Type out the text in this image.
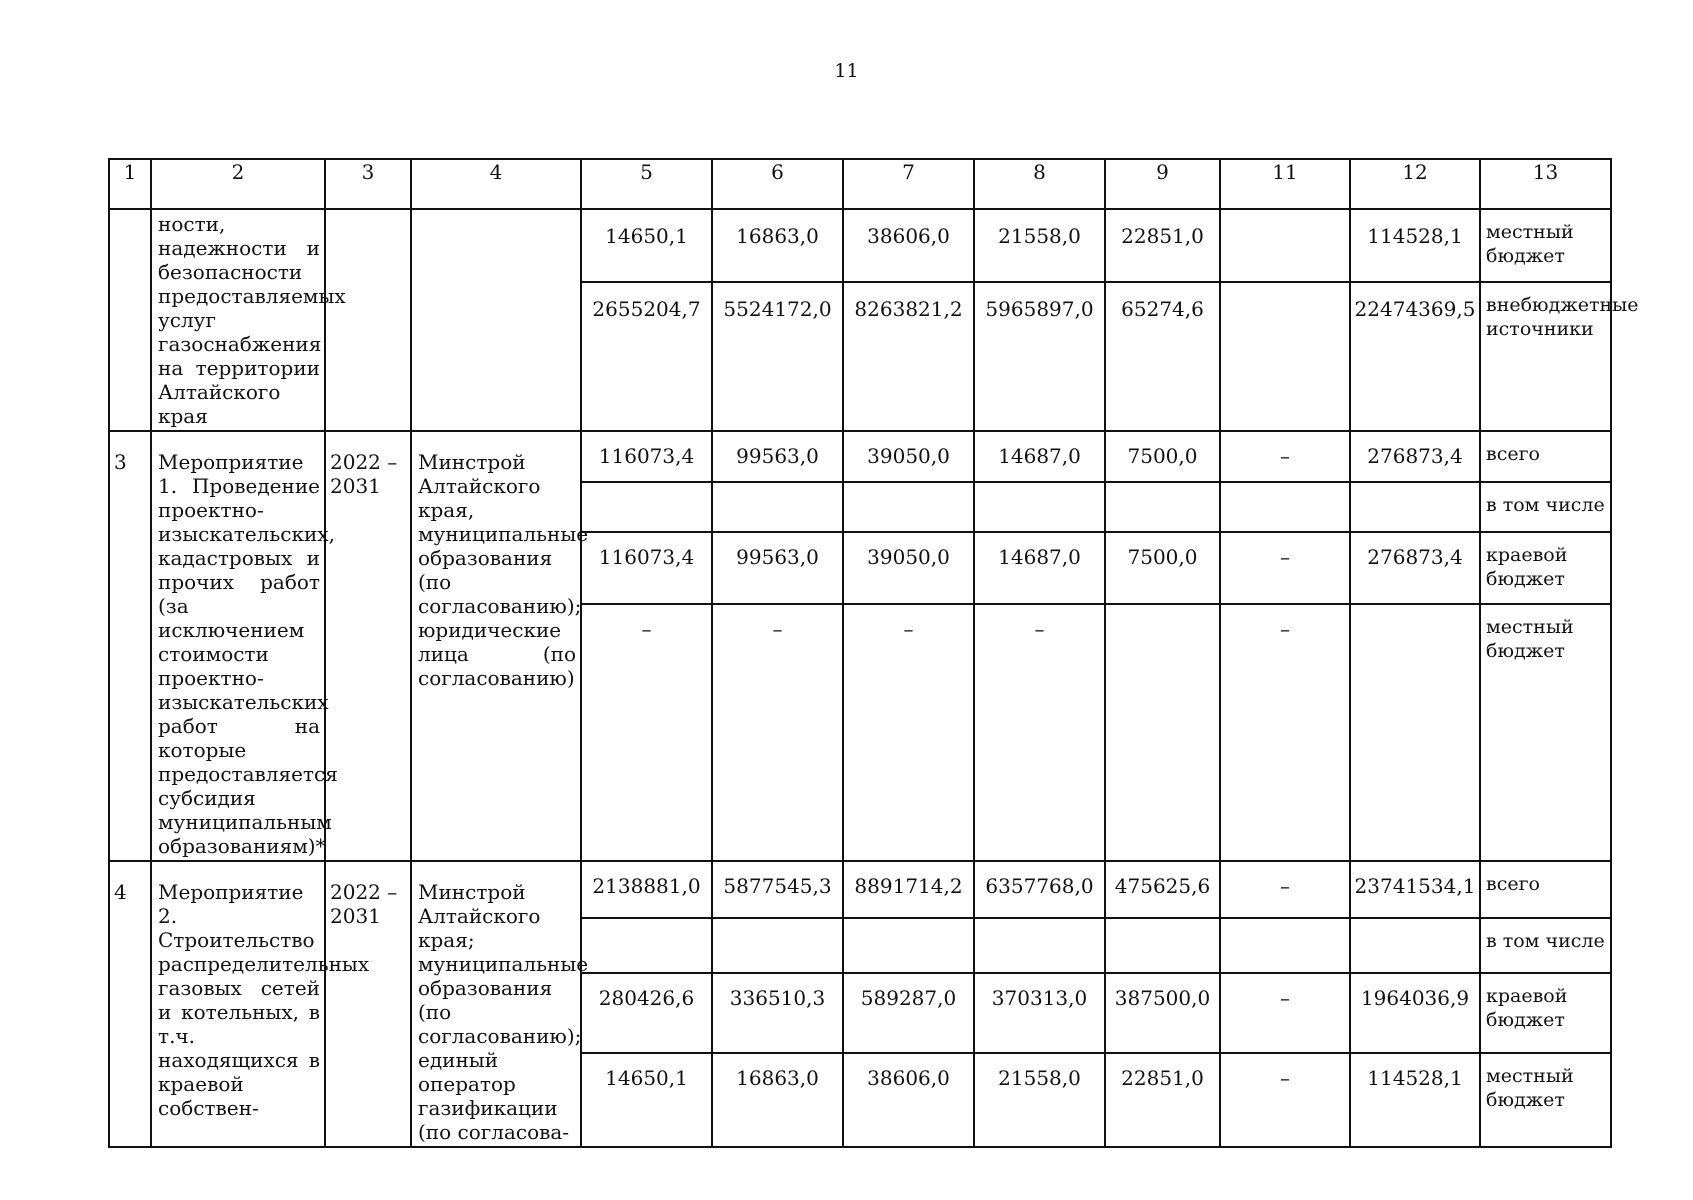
11
1	2	3	4	5	6	7	8	9	11	12	13
	ности, надежности и безопасности предоставляемых услуг газоснабжения на территории Алтайского края			14650,1	16863,0	38606,0	21558,0	22851,0		114528,1	местный бюджет
				2655204,7	5524172,0	8263821,2	5965897,0	65274,6		22474369,5	внебюджетные источники
3	Мероприятие 1. Проведение проектно-изыскательских, кадастровых и прочих работ (за исключением стоимости проектно-изыскательских работ на которые предоставляется субсидия муниципальным образованиям)*	2022 – 2031	Минстрой Алтайского края, муниципальные образования (по согласованию); юридические лица (по согласованию)	116073,4	99563,0	39050,0	14687,0	7500,0	–	276873,4	всего
											в том числе
				116073,4	99563,0	39050,0	14687,0	7500,0	–	276873,4	краевой бюджет
				–	–	–	–		–		местный бюджет
4	Мероприятие 2. Строительство распределительных газовых сетей и котельных, в т.ч. находящихся в краевой собствен-	2022 – 2031	Минстрой Алтайского края; муниципальные образования (по согласованию); единый оператор газификации (по согласова-	2138881,0	5877545,3	8891714,2	6357768,0	475625,6	–	23741534,1	всего
											в том числе
				280426,6	336510,3	589287,0	370313,0	387500,0	–	1964036,9	краевой бюджет
				14650,1	16863,0	38606,0	21558,0	22851,0	–	114528,1	местный бюджет
